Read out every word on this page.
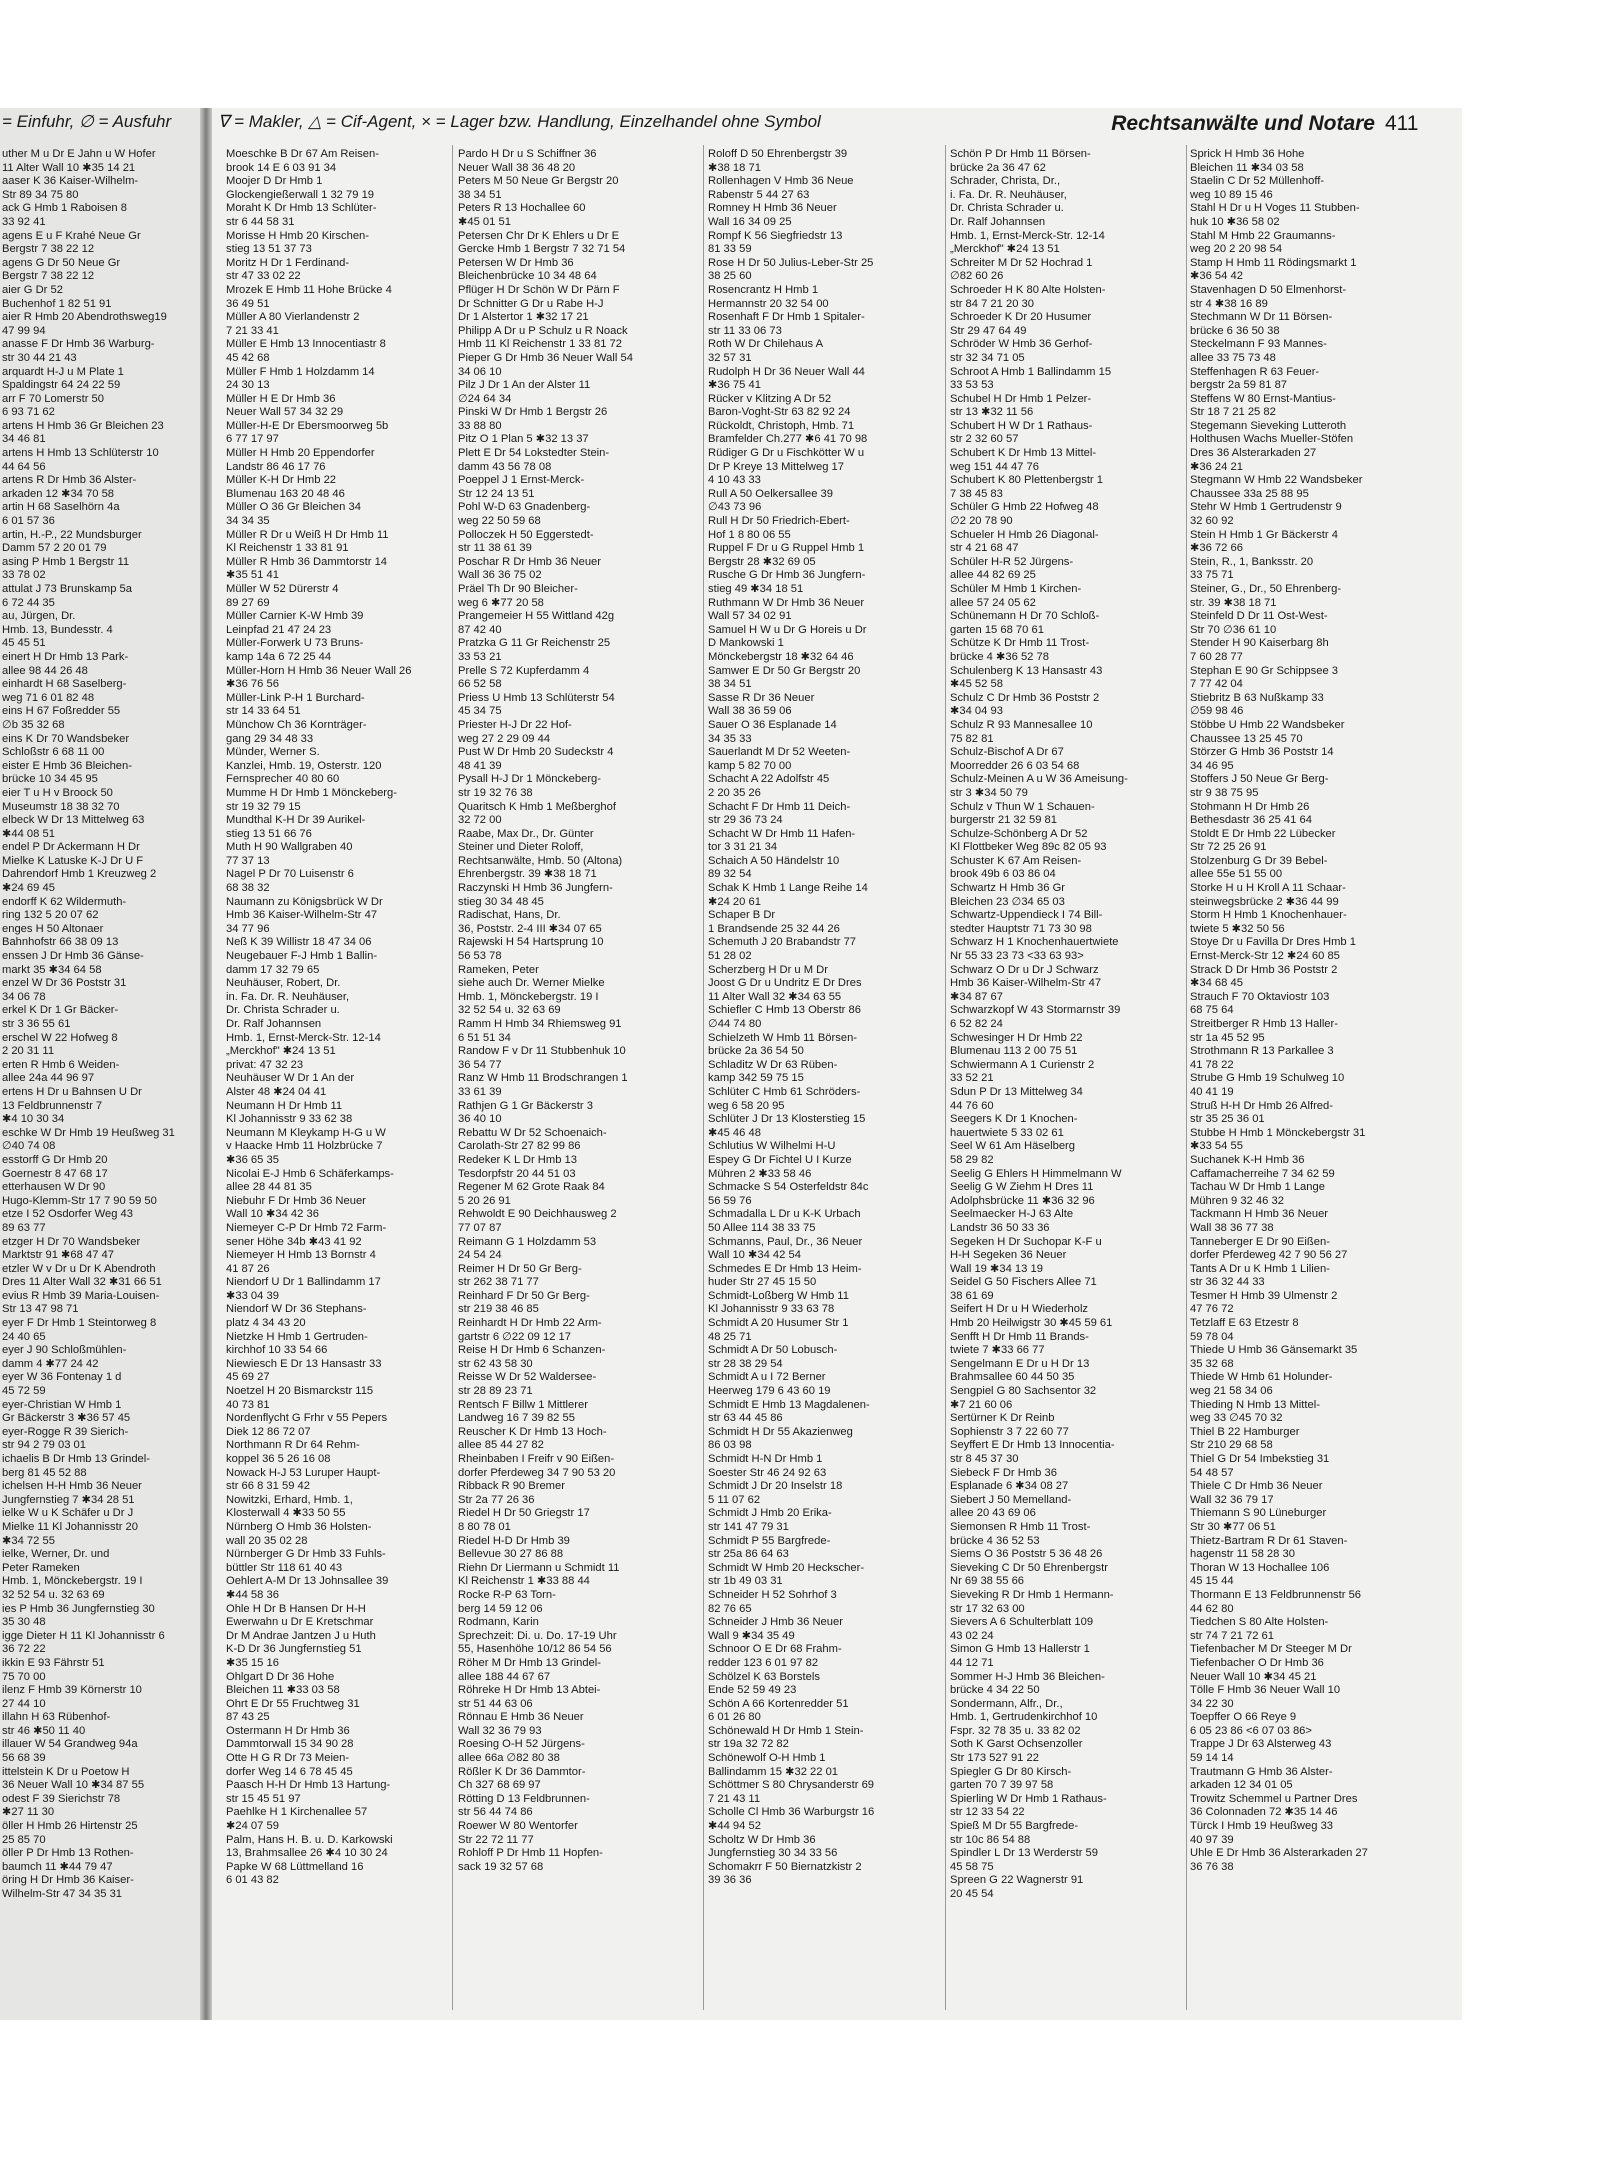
= Einfuhr, ∅ = Ausfuhr	∇ = Makler, △ = Cif-Agent, × = Lager bzw. Handlung, Einzelhandel ohne Symbol	Rechtsanwälte und Notare 411
uther M u Dr E Jahn u W Hofer
11 Alter Wall 10 ✱35 14 21
aaser K 36 Kaiser-Wilhelm-
Str 89 34 75 80
ack G Hmb 1 Raboisen 8
33 92 41
agens E u F Krahé Neue Gr
Bergstr 7 38 22 12
agens G Dr 50 Neue Gr
Bergstr 7 38 22 12
aier G Dr 52
Buchenhof 1 82 51 91
aier R Hmb 20 Abendrothsweg19
47 99 94
anasse F Dr Hmb 36 Warburg-
str 30 44 21 43
arquardt H-J u M Plate 1
Spaldingstr 64 24 22 59
arr F 70 Lomerstr 50
6 93 71 62
artens H Hmb 36 Gr Bleichen 23
34 46 81
artens H Hmb 13 Schlüterstr 10
44 64 56
artens R Dr Hmb 36 Alster-
arkaden 12 ✱34 70 58
artin H 68 Saselhörn 4a
6 01 57 36
artin, H.-P., 22 Mundsburger
Damm 57 2 20 01 79
asing P Hmb 1 Bergstr 11
33 78 02
attulat J 73 Brunskamp 5a
6 72 44 35
au, Jürgen, Dr.
Hmb. 13, Bundesstr. 4
45 45 51
einert H Dr Hmb 13 Park-
allee 98 44 26 48
einhardt H 68 Saselberg-
weg 71 6 01 82 48
eins H 67 Foßredder 55
∅b 35 32 68
eins K Dr 70 Wandsbeker
Schloßstr 6 68 11 00
eister E Hmb 36 Bleichen-
brücke 10 34 45 95
eier T u H v Broock 50
Museumstr 18 38 32 70
elbeck W Dr 13 Mittelweg 63
✱44 08 51
endel P Dr Ackermann H Dr
Mielke K Latuske K-J Dr U F
Dahrendorf Hmb 1 Kreuzweg 2
✱24 69 45
endorff K 62 Wildermuth-
ring 132 5 20 07 62
enges H 50 Altonaer
Bahnhofstr 66 38 09 13
enssen J Dr Hmb 36 Gänse-
markt 35 ✱34 64 58
enzel W Dr 36 Poststr 31
34 06 78
erkel K Dr 1 Gr Bäcker-
str 3 36 55 61
erschel W 22 Hofweg 8
2 20 31 11
erten R Hmb 6 Weiden-
allee 24a 44 96 97
ertens H Dr u Bahnsen U Dr
13 Feldbrunnenstr 7
✱4 10 30 34
eschke W Dr Hmb 19 Heußweg 31
∅40 74 08
esstorff G Dr Hmb 20
Goernestr 8 47 68 17
etterhausen W Dr 90
Hugo-Klemm-Str 17 7 90 59 50
etze I 52 Osdorfer Weg 43
89 63 77
etzger H Dr 70 Wandsbeker
Marktstr 91 ✱68 47 47
etzler W v Dr u Dr K Abendroth
Dres 11 Alter Wall 32 ✱31 66 51
evius R Hmb 39 Maria-Louisen-
Str 13 47 98 71
eyer F Dr Hmb 1 Steintorweg 8
24 40 65
eyer J 90 Schloßmühlen-
damm 4 ✱77 24 42
eyer W 36 Fontenay 1 d
45 72 59
eyer-Christian W Hmb 1
Gr Bäckerstr 3 ✱36 57 45
eyer-Rogge R 39 Sierich-
str 94 2 79 03 01
ichaelis B Dr Hmb 13 Grindel-
berg 81 45 52 88
ichelsen H-H Hmb 36 Neuer
Jungfernstieg 7 ✱34 28 51
ielke W u K Schäfer u Dr J
Mielke 11 Kl Johannisstr 20
✱34 72 55
ielke, Werner, Dr. und
Peter Rameken
Hmb. 1, Mönckebergstr. 19 I
32 52 54 u. 32 63 69
ies P Hmb 36 Jungfernstieg 30
35 30 48
igge Dieter H 11 Kl Johannisstr 6
36 72 22
ikkin E 93 Fährstr 51
75 70 00
ilenz F Hmb 39 Körnerstr 10
27 44 10
illahn H 63 Rübenhof-
str 46 ✱50 11 40
illauer W 54 Grandweg 94a
56 68 39
ittelstein K Dr u Poetow H
36 Neuer Wall 10 ✱34 87 55
odest F 39 Sierichstr 78
✱27 11 30
öller H Hmb 26 Hirtenstr 25
25 85 70
öller P Dr Hmb 13 Rothen-
baumch 11 ✱44 79 47
öring H Dr Hmb 36 Kaiser-
Wilhelm-Str 47 34 35 31
Moeschke B Dr 67 Am Reisen-
brook 14 E 6 03 91 34
Moojer D Dr Hmb 1
Glockengießerwall 1 32 79 19
Moraht K Dr Hmb 13 Schlüter-
str 6 44 58 31
Morisse H Hmb 20 Kirschen-
stieg 13 51 37 73
Moritz H Dr 1 Ferdinand-
str 47 33 02 22
Mrozek E Hmb 11 Hohe Brücke 4
36 49 51
Müller A 80 Vierlandenstr 2
7 21 33 41
Müller E Hmb 13 Innocentiastr 8
45 42 68
Müller F Hmb 1 Holzdamm 14
24 30 13
Müller H E Dr Hmb 36
Neuer Wall 57 34 32 29
Müller-H-E Dr Ebersmoorweg 5b
6 77 17 97
Müller H Hmb 20 Eppendorfer
Landstr 86 46 17 76
Müller K-H Dr Hmb 22
Blumenau 163 20 48 46
Müller O 36 Gr Bleichen 34
34 34 35
Müller R Dr u Weiß H Dr Hmb 11
Kl Reichenstr 1 33 81 91
Müller R Hmb 36 Dammtorstr 14
✱35 51 41
Müller W 52 Dürerstr 4
89 27 69
Müller Carnier K-W Hmb 39
Leinpfad 21 47 24 23
Müller-Forwerk U 73 Bruns-
kamp 14a 6 72 25 44
Müller-Horn H Hmb 36 Neuer Wall 26
✱36 76 56
Müller-Link P-H 1 Burchard-
str 14 33 64 51
Münchow Ch 36 Kornträger-
gang 29 34 48 33
Münder, Werner S.
Kanzlei, Hmb. 19, Osterstr. 120
Fernsprecher 40 80 60
Mumme H Dr Hmb 1 Mönckeberg-
str 19 32 79 15
Mundthal K-H Dr 39 Aurikel-
stieg 13 51 66 76
Muth H 90 Wallgraben 40
77 37 13
Nagel P Dr 70 Luisenstr 6
68 38 32
Naumann zu Königsbrück W Dr
Hmb 36 Kaiser-Wilhelm-Str 47
34 77 96
Neß K 39 Willistr 18 47 34 06
Neugebauer F-J Hmb 1 Ballin-
damm 17 32 79 65
Neuhäuser, Robert, Dr.
in. Fa. Dr. R. Neuhäuser,
Dr. Christa Schrader u.
Dr. Ralf Johannsen
Hmb. 1, Ernst-Merck-Str. 12-14
„Merckhof" ✱24 13 51
privat: 47 32 23
Neuhäuser W Dr 1 An der
Alster 48 ✱24 04 41
Neumann H Dr Hmb 11
Kl Johannisstr 9 33 62 38
Neumann M Kleykamp H-G u W
v Haacke Hmb 11 Holzbrücke 7
✱36 65 35
Nicolai E-J Hmb 6 Schäferkamps-
allee 28 44 81 35
Niebuhr F Dr Hmb 36 Neuer
Wall 10 ✱34 42 36
Niemeyer C-P Dr Hmb 72 Farm-
sener Höhe 34b ✱43 41 92
Niemeyer H Hmb 13 Bornstr 4
41 87 26
Niendorf U Dr 1 Ballindamm 17
✱33 04 39
Niendorf W Dr 36 Stephans-
platz 4 34 43 20
Nietzke H Hmb 1 Gertruden-
kirchhof 10 33 54 66
Niewiesch E Dr 13 Hansastr 33
45 69 27
Noetzel H 20 Bismarckstr 115
40 73 81
Nordenflycht G Frhr v 55 Pepers
Diek 12 86 72 07
Northmann R Dr 64 Rehm-
koppel 36 5 26 16 08
Nowack H-J 53 Luruper Haupt-
str 66 8 31 59 42
Nowitzki, Erhard, Hmb. 1,
Klosterwall 4 ✱33 50 55
Nürnberg O Hmb 36 Holsten-
wall 20 35 02 28
Nürnberger G Dr Hmb 33 Fuhls-
büttler Str 118 61 40 43
Oehlert A-M Dr 13 Johnsallee 39
✱44 58 36
Ohle H Dr B Hansen Dr H-H
Ewerwahn u Dr E Kretschmar
Dr M Andrae Jantzen J u Huth
K-D Dr 36 Jungfernstieg 51
✱35 15 16
Ohlgart D Dr 36 Hohe
Bleichen 11 ✱33 03 58
Ohrt E Dr 55 Fruchtweg 31
87 43 25
Ostermann H Dr Hmb 36
Dammtorwall 15 34 90 28
Otte H G R Dr 73 Meien-
dorfer Weg 14 6 78 45 45
Paasch H-H Dr Hmb 13 Hartung-
str 15 45 51 97
Paehlke H 1 Kirchenallee 57
✱24 07 59
Palm, Hans H. B. u. D. Karkowski
13, Brahmsallee 26 ✱4 10 30 24
Papke W 68 Lüttmelland 16
6 01 43 82
Pardo H Dr u S Schiffner 36
Neuer Wall 38 36 48 20
Peters M 50 Neue Gr Bergstr 20
38 34 51
Peters R 13 Hochallee 60
✱45 01 51
Petersen Chr Dr K Ehlers u Dr E
Gercke Hmb 1 Bergstr 7 32 71 54
Petersen W Dr Hmb 36
Bleichenbrücke 10 34 48 64
Pflüger H Dr Schön W Dr Pärn F
Dr Schnitter G Dr u Rabe H-J
Dr 1 Alstertor 1 ✱32 17 21
Philipp A Dr u P Schulz u R Noack
Hmb 11 Kl Reichenstr 1 33 81 72
Pieper G Dr Hmb 36 Neuer Wall 54
34 06 10
Pilz J Dr 1 An der Alster 11
∅24 64 34
Pinski W Dr Hmb 1 Bergstr 26
33 88 80
Pitz O 1 Plan 5 ✱32 13 37
Plett E Dr 54 Lokstedter Stein-
damm 43 56 78 08
Poeppel J 1 Ernst-Merck-
Str 12 24 13 51
Pohl W-D 63 Gnadenberg-
weg 22 50 59 68
Polloczek H 50 Eggerstedt-
str 11 38 61 39
Poschar R Dr Hmb 36 Neuer
Wall 36 36 75 02
Präel Th Dr 90 Bleicher-
weg 6 ✱77 20 58
Prangemeier H 55 Wittland 42g
87 42 40
Pratzka G 11 Gr Reichenstr 25
33 53 21
Prelle S 72 Kupferdamm 4
66 52 58
Priess U Hmb 13 Schlüterstr 54
45 34 75
Priester H-J Dr 22 Hof-
weg 27 2 29 09 44
Pust W Dr Hmb 20 Sudeckstr 4
48 41 39
Pysall H-J Dr 1 Mönckeberg-
str 19 32 76 38
Quaritsch K Hmb 1 Meßberghof
32 72 00
Raabe, Max Dr., Dr. Günter
Steiner und Dieter Roloff,
Rechtsanwälte, Hmb. 50 (Altona)
Ehrenbergstr. 39 ✱38 18 71
Raczynski H Hmb 36 Jungfern-
stieg 30 34 48 45
Radischat, Hans, Dr.
36, Poststr. 2-4 III ✱34 07 65
Rajewski H 54 Hartsprung 10
56 53 78
Rameken, Peter
siehe auch Dr. Werner Mielke
Hmb. 1, Mönckebergstr. 19 I
32 52 54 u. 32 63 69
Ramm H Hmb 34 Rhiemsweg 91
6 51 51 34
Randow F v Dr 11 Stubbenhuk 10
36 54 77
Ranz W Hmb 11 Brodschrangen 1
33 61 39
Rathjen G 1 Gr Bäckerstr 3
36 40 10
Rebattu W Dr 52 Schoenaich-
Carolath-Str 27 82 99 86
Redeker K L Dr Hmb 13
Tesdorpfstr 20 44 51 03
Regener M 62 Grote Raak 84
5 20 26 91
Rehwoldt E 90 Deichhausweg 2
77 07 87
Reimann G 1 Holzdamm 53
24 54 24
Reimer H Dr 50 Gr Berg-
str 262 38 71 77
Reinhard F Dr 50 Gr Berg-
str 219 38 46 85
Reinhardt H Dr Hmb 22 Arm-
gartstr 6 ∅22 09 12 17
Reise H Dr Hmb 6 Schanzen-
str 62 43 58 30
Reisse W Dr 52 Waldersee-
str 28 89 23 71
Rentsch F Billw 1 Mittlerer
Landweg 16 7 39 82 55
Reuscher K Dr Hmb 13 Hoch-
allee 85 44 27 82
Rheinbaben I Freifr v 90 Eißen-
dorfer Pferdeweg 34 7 90 53 20
Ribback R 90 Bremer
Str 2a 77 26 36
Riedel H Dr 50 Griegstr 17
8 80 78 01
Riedel H-D Dr Hmb 39
Bellevue 30 27 86 88
Riehn Dr Liermann u Schmidt 11
Kl Reichenstr 1 ✱33 88 44
Rocke R-P 63 Torn-
berg 14 59 12 06
Rodmann, Karin
Sprechzeit: Di. u. Do. 17-19 Uhr
55, Hasenhöhe 10/12 86 54 56
Röher M Dr Hmb 13 Grindel-
allee 188 44 67 67
Röhreke H Dr Hmb 13 Abtei-
str 51 44 63 06
Rönnau E Hmb 36 Neuer
Wall 32 36 79 93
Roesing O-H 52 Jürgens-
allee 66a ∅82 80 38
Rößler K Dr 36 Dammtor-
Ch 327 68 69 97
Rötting D 13 Feldbrunnen-
str 56 44 74 86
Roewer W 80 Wentorfer
Str 22 72 11 77
Rohloff P Dr Hmb 11 Hopfen-
sack 19 32 57 68
Roloff D 50 Ehrenbergstr 39
✱38 18 71
Rollenhagen V Hmb 36 Neue
Rabenstr 5 44 27 63
Romney H Hmb 36 Neuer
Wall 16 34 09 25
Rompf K 56 Siegfriedstr 13
81 33 59
Rose H Dr 50 Julius-Leber-Str 25
38 25 60
Rosencrantz H Hmb 1
Hermannstr 20 32 54 00
Rosenhaft F Dr Hmb 1 Spitaler-
str 11 33 06 73
Roth W Dr Chilehaus A
32 57 31
Rudolph H Dr 36 Neuer Wall 44
✱36 75 41
Rücker v Klitzing A Dr 52
Baron-Voght-Str 63 82 92 24
Rückoldt, Christoph, Hmb. 71
Bramfelder Ch.277 ✱6 41 70 98
Rüdiger G Dr u Fischkötter W u
Dr P Kreye 13 Mittelweg 17
4 10 43 33
Rull A 50 Oelkersallee 39
∅43 73 96
Rull H Dr 50 Friedrich-Ebert-
Hof 1 8 80 06 55
Ruppel F Dr u G Ruppel Hmb 1
Bergstr 28 ✱32 69 05
Rusche G Dr Hmb 36 Jungfern-
stieg 49 ✱34 18 51
Ruthmann W Dr Hmb 36 Neuer
Wall 57 34 02 91
Samuel H W u Dr G Horeis u Dr
D Mankowski 1
Mönckebergstr 18 ✱32 64 46
Samwer E Dr 50 Gr Bergstr 20
38 34 51
Sasse R Dr 36 Neuer
Wall 38 36 59 06
Sauer O 36 Esplanade 14
34 35 33
Sauerlandt M Dr 52 Weeten-
kamp 5 82 70 00
Schacht A 22 Adolfstr 45
2 20 35 26
Schacht F Dr Hmb 11 Deich-
str 29 36 73 24
Schacht W Dr Hmb 11 Hafen-
tor 3 31 21 34
Schaich A 50 Händelstr 10
89 32 54
Schak K Hmb 1 Lange Reihe 14
✱24 20 61
Schaper B Dr
1 Brandsende 25 32 44 26
Schemuth J 20 Brabandstr 77
51 28 02
Scherzberg H Dr u M Dr
Joost G Dr u Undritz E Dr Dres
11 Alter Wall 32 ✱34 63 55
Schiefler C Hmb 13 Oberstr 86
∅44 74 80
Schielzeth W Hmb 11 Börsen-
brücke 2a 36 54 50
Schladitz W Dr 63 Rüben-
kamp 342 59 75 15
Schlüter C Hmb 61 Schröders-
weg 6 58 20 95
Schlüter J Dr 13 Klosterstieg 15
✱45 46 48
Schlutius W Wilhelmi H-U
Espey G Dr Fichtel U I Kurze
Mühren 2 ✱33 58 46
Schmacke S 54 Osterfeldstr 84c
56 59 76
Schmadalla L Dr u K-K Urbach
50 Allee 114 38 33 75
Schmanns, Paul, Dr., 36 Neuer
Wall 10 ✱34 42 54
Schmedes E Dr Hmb 13 Heim-
huder Str 27 45 15 50
Schmidt-Loßberg W Hmb 11
Kl Johannisstr 9 33 63 78
Schmidt A 20 Husumer Str 1
48 25 71
Schmidt A Dr 50 Lobusch-
str 28 38 29 54
Schmidt A u I 72 Berner
Heerweg 179 6 43 60 19
Schmidt E Hmb 13 Magdalenen-
str 63 44 45 86
Schmidt H Dr 55 Akazienweg
86 03 98
Schmidt H-N Dr Hmb 1
Soester Str 46 24 92 63
Schmidt J Dr 20 Inselstr 18
5 11 07 62
Schmidt J Hmb 20 Erika-
str 141 47 79 31
Schmidt P 55 Bargfrede-
str 25a 86 64 63
Schmidt W Hmb 20 Heckscher-
str 1b 49 03 31
Schneider H 52 Sohrhof 3
82 76 65
Schneider J Hmb 36 Neuer
Wall 9 ✱34 35 49
Schnoor O E Dr 68 Frahm-
redder 123 6 01 97 82
Schölzel K 63 Borstels
Ende 52 59 49 23
Schön A 66 Kortenredder 51
6 01 26 80
Schönewald H Dr Hmb 1 Stein-
str 19a 32 72 82
Schönewolf O-H Hmb 1
Ballindamm 15 ✱32 22 01
Schöttmer S 80 Chrysanderstr 69
7 21 43 11
Scholle Cl Hmb 36 Warburgstr 16
✱44 94 52
Scholtz W Dr Hmb 36
Jungfernstieg 30 34 33 56
Schomakrr F 50 Biernatzkistr 2
39 36 36
Schön P Dr Hmb 11 Börsen-
brücke 2a 36 47 62
Schrader, Christa, Dr.,
i. Fa. Dr. R. Neuhäuser,
Dr. Christa Schrader u.
Dr. Ralf Johannsen
Hmb. 1, Ernst-Merck-Str. 12-14
„Merckhof" ✱24 13 51
Schreiter M Dr 52 Hochrad 1
∅82 60 26
Schroeder H K 80 Alte Holsten-
str 84 7 21 20 30
Schroeder K Dr 20 Husumer
Str 29 47 64 49
Schröder W Hmb 36 Gerhof-
str 32 34 71 05
Schroot A Hmb 1 Ballindamm 15
33 53 53
Schubel H Dr Hmb 1 Pelzer-
str 13 ✱32 11 56
Schubert H W Dr 1 Rathaus-
str 2 32 60 57
Schubert K Dr Hmb 13 Mittel-
weg 151 44 47 76
Schubert K 80 Plettenbergstr 1
7 38 45 83
Schüler G Hmb 22 Hofweg 48
∅2 20 78 90
Schueler H Hmb 26 Diagonal-
str 4 21 68 47
Schüler H-R 52 Jürgens-
allee 44 82 69 25
Schüler M Hmb 1 Kirchen-
allee 57 24 05 62
Schünemann H Dr 70 Schloß-
garten 15 68 70 61
Schütze K Dr Hmb 11 Trost-
brücke 4 ✱36 52 78
Schulenberg K 13 Hansastr 43
✱45 52 58
Schulz C Dr Hmb 36 Poststr 2
✱34 04 93
Schulz R 93 Mannesallee 10
75 82 81
Schulz-Bischof A Dr 67
Moorredder 26 6 03 54 68
Schulz-Meinen A u W 36 Ameisung-
str 3 ✱34 50 79
Schulz v Thun W 1 Schauen-
burgerstr 21 32 59 81
Schulze-Schönberg A Dr 52
Kl Flottbeker Weg 89c 82 05 93
Schuster K 67 Am Reisen-
brook 49b 6 03 86 04
Schwartz H Hmb 36 Gr
Bleichen 23 ∅34 65 03
Schwartz-Uppendieck I 74 Bill-
stedter Hauptstr 71 73 30 98
Schwarz H 1 Knochenhauertwiete
Nr 55 33 23 73 <33 63 93>
Schwarz O Dr u Dr J Schwarz
Hmb 36 Kaiser-Wilhelm-Str 47
✱34 87 67
Schwarzkopf W 43 Stormarnstr 39
6 52 82 24
Schwesinger H Dr Hmb 22
Blumenau 113 2 00 75 51
Schwiermann A 1 Curienstr 2
33 52 21
Sdun P Dr 13 Mittelweg 34
44 76 60
Seegers K Dr 1 Knochen-
hauertwiete 5 33 02 61
Seel W 61 Am Häselberg
58 29 82
Seelig G Ehlers H Himmelmann W
Seelig G W Ziehm H Dres 11
Adolphsbrücke 11 ✱36 32 96
Seelmaecker H-J 63 Alte
Landstr 36 50 33 36
Segeken H Dr Suchopar K-F u
H-H Segeken 36 Neuer
Wall 19 ✱34 13 19
Seidel G 50 Fischers Allee 71
38 61 69
Seifert H Dr u H Wiederholz
Hmb 20 Heilwigstr 30 ✱45 59 61
Senfft H Dr Hmb 11 Brands-
twiete 7 ✱33 66 77
Sengelmann E Dr u H Dr 13
Brahmsallee 60 44 50 35
Sengpiel G 80 Sachsentor 32
✱7 21 60 06
Sertürner K Dr Reinb
Sophienstr 3 7 22 60 77
Seyffert E Dr Hmb 13 Innocentia-
str 8 45 37 30
Siebeck F Dr Hmb 36
Esplanade 6 ✱34 08 27
Siebert J 50 Memelland-
allee 20 43 69 06
Siemonsen R Hmb 11 Trost-
brücke 4 36 52 53
Siems O 36 Poststr 5 36 48 26
Sieveking C Dr 50 Ehrenbergstr
Nr 69 38 55 66
Sieveking R Dr Hmb 1 Hermann-
str 17 32 63 00
Sievers A 6 Schulterblatt 109
43 02 24
Simon G Hmb 13 Hallerstr 1
44 12 71
Sommer H-J Hmb 36 Bleichen-
brücke 4 34 22 50
Sondermann, Alfr., Dr.,
Hmb. 1, Gertrudenkirchhof 10
Fspr. 32 78 35 u. 33 82 02
Soth K Garst Ochsenzoller
Str 173 527 91 22
Spiegler G Dr 80 Kirsch-
garten 70 7 39 97 58
Spierling W Dr Hmb 1 Rathaus-
str 12 33 54 22
Spieß M Dr 55 Bargfrede-
str 10c 86 54 88
Spindler L Dr 13 Werderstr 59
45 58 75
Spreen G 22 Wagnerstr 91
20 45 54
Sprick H Hmb 36 Hohe
Bleichen 11 ✱34 03 58
Staelin C Dr 52 Müllenhoff-
weg 10 89 15 46
Stahl H Dr u H Voges 11 Stubben-
huk 10 ✱36 58 02
Stahl M Hmb 22 Graumanns-
weg 20 2 20 98 54
Stamp H Hmb 11 Rödingsmarkt 1
✱36 54 42
Stavenhagen D 50 Elmenhorst-
str 4 ✱38 16 89
Stechmann W Dr 11 Börsen-
brücke 6 36 50 38
Steckelmann F 93 Mannes-
allee 33 75 73 48
Steffenhagen R 63 Feuer-
bergstr 2a 59 81 87
Steffens W 80 Ernst-Mantius-
Str 18 7 21 25 82
Stegemann Sieveking Lutteroth
Holthusen Wachs Mueller-Stöfen
Dres 36 Alsterarkaden 27
✱36 24 21
Stegmann W Hmb 22 Wandsbeker
Chaussee 33a 25 88 95
Stehr W Hmb 1 Gertrudenstr 9
32 60 92
Stein H Hmb 1 Gr Bäckerstr 4
✱36 72 66
Stein, R., 1, Banksstr. 20
33 75 71
Steiner, G., Dr., 50 Ehrenberg-
str. 39 ✱38 18 71
Steinfeld D Dr 11 Ost-West-
Str 70 ∅36 61 10
Stender H 90 Kaiserbarg 8h
7 60 28 77
Stephan E 90 Gr Schippsee 3
7 77 42 04
Stiebritz B 63 Nußkamp 33
∅59 98 46
Stöbbe U Hmb 22 Wandsbeker
Chaussee 13 25 45 70
Störzer G Hmb 36 Poststr 14
34 46 95
Stoffers J 50 Neue Gr Berg-
str 9 38 75 95
Stohmann H Dr Hmb 26
Bethesdastr 36 25 41 64
Stoldt E Dr Hmb 22 Lübecker
Str 72 25 26 91
Stolzenburg G Dr 39 Bebel-
allee 55e 51 55 00
Storke H u H Kroll A 11 Schaar-
steinwegsbrücke 2 ✱36 44 99
Storm H Hmb 1 Knochenhauer-
twiete 5 ✱32 50 56
Stoye Dr u Favilla Dr Dres Hmb 1
Ernst-Merck-Str 12 ✱24 60 85
Strack D Dr Hmb 36 Poststr 2
✱34 68 45
Strauch F 70 Oktaviostr 103
68 75 64
Streitberger R Hmb 13 Haller-
str 1a 45 52 95
Strothmann R 13 Parkallee 3
41 78 22
Strube G Hmb 19 Schulweg 10
40 41 19
Struß H-H Dr Hmb 26 Alfred-
str 35 25 36 01
Stubbe H Hmb 1 Mönckebergstr 31
✱33 54 55
Suchanek K-H Hmb 36
Caffamacherreihe 7 34 62 59
Tachau W Dr Hmb 1 Lange
Mühren 9 32 46 32
Tackmann H Hmb 36 Neuer
Wall 38 36 77 38
Tanneberger E Dr 90 Eißen-
dorfer Pferdeweg 42 7 90 56 27
Tants A Dr u K Hmb 1 Lilien-
str 36 32 44 33
Tesmer H Hmb 39 Ulmenstr 2
47 76 72
Tetzlaff E 63 Etzestr 8
59 78 04
Thiede U Hmb 36 Gänsemarkt 35
35 32 68
Thiede W Hmb 61 Holunder-
weg 21 58 34 06
Thieding N Hmb 13 Mittel-
weg 33 ∅45 70 32
Thiel B 22 Hamburger
Str 210 29 68 58
Thiel G Dr 54 Imbekstieg 31
54 48 57
Thiele C Dr Hmb 36 Neuer
Wall 32 36 79 17
Thiemann S 90 Lüneburger
Str 30 ✱77 06 51
Thietz-Bartram R Dr 61 Staven-
hagenstr 11 58 28 30
Thoran W 13 Hochallee 106
45 15 44
Thormann E 13 Feldbrunnenstr 56
44 62 80
Tiedchen S 80 Alte Holsten-
str 74 7 21 72 61
Tiefenbacher M Dr Steeger M Dr
Tiefenbacher O Dr Hmb 36
Neuer Wall 10 ✱34 45 21
Tölle F Hmb 36 Neuer Wall 10
34 22 30
Toepffer O 66 Reye 9
6 05 23 86 <6 07 03 86>
Trappe J Dr 63 Alsterweg 43
59 14 14
Trautmann G Hmb 36 Alster-
arkaden 12 34 01 05
Trowitz Schemmel u Partner Dres
36 Colonnaden 72 ✱35 14 46
Türck I Hmb 19 Heußweg 33
40 97 39
Uhle E Dr Hmb 36 Alsterarkaden 27
36 76 38
